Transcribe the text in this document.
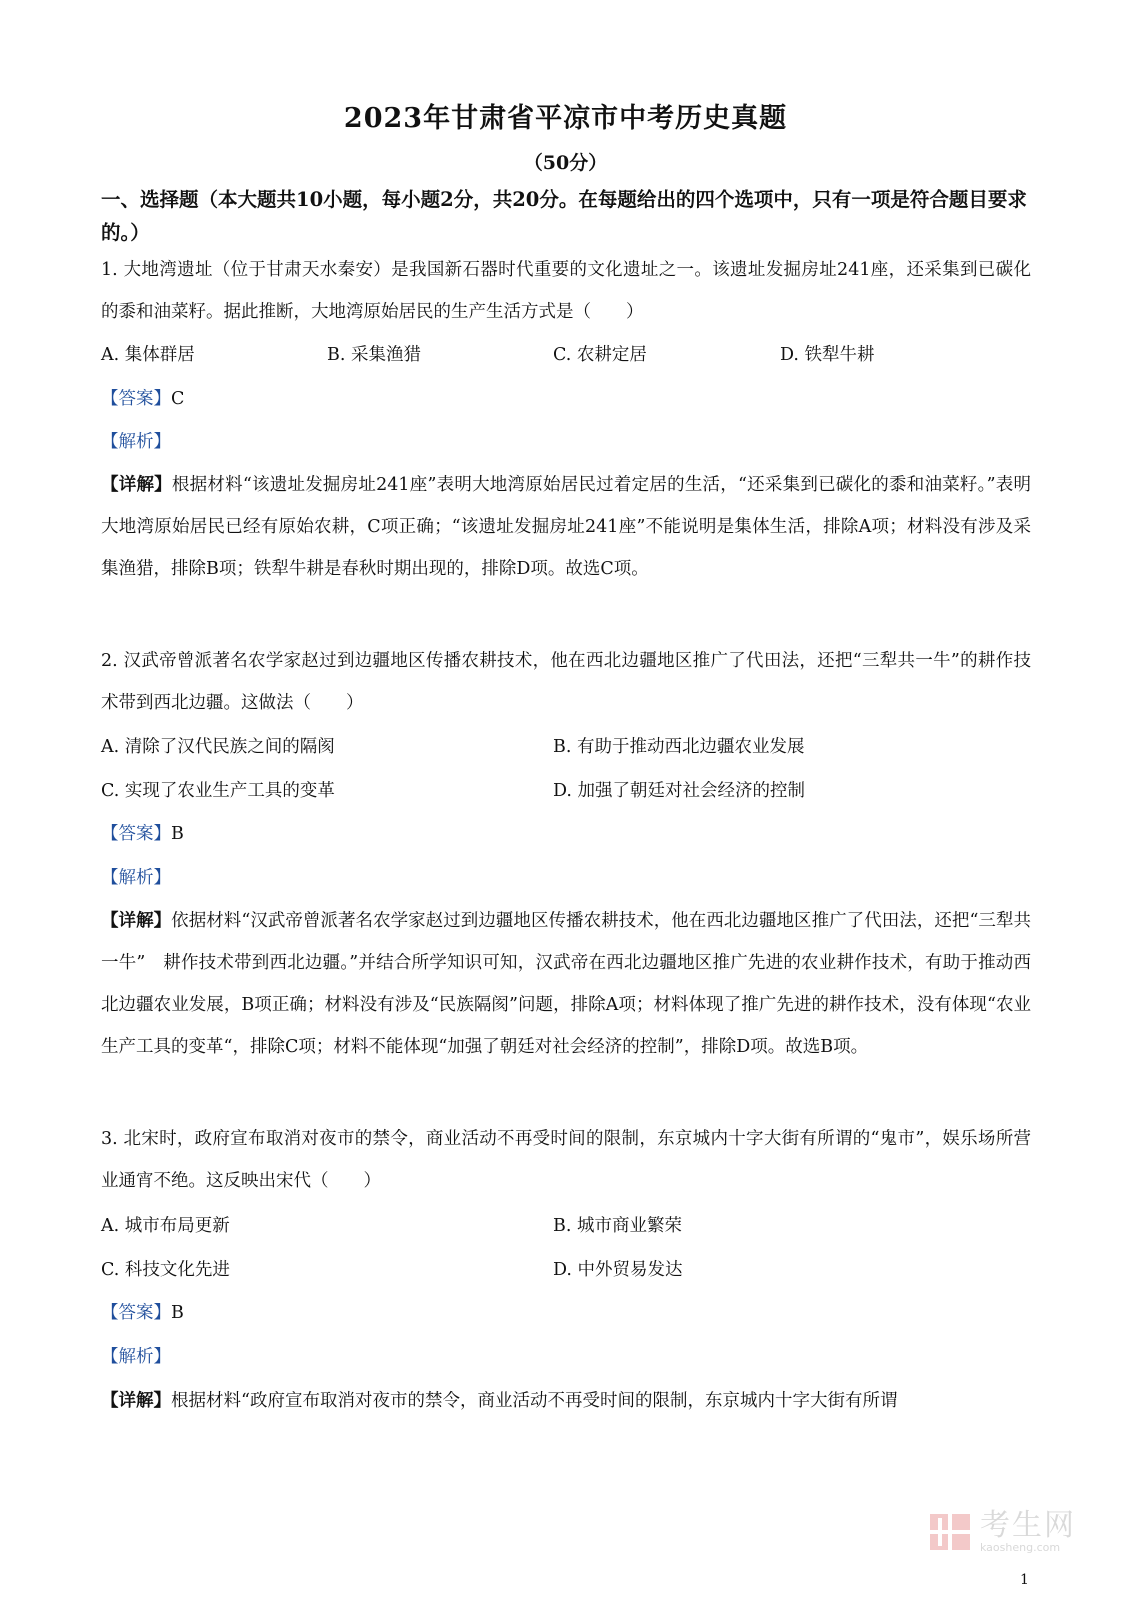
2023年甘肃省平凉市中考历史真题
（50分）
一、选择题（本大题共10小题，每小题2分，共20分。在每题给出的四个选项中，只有一项是符合题目要求的。）
1. 大地湾遗址（位于甘肃天水秦安）是我国新石器时代重要的文化遗址之一。该遗址发掘房址241座，还采集到已碳化的黍和油菜籽。据此推断，大地湾原始居民的生产生活方式是（　　）
A. 集体群居	B. 采集渔猎	C. 农耕定居	D. 铁犁牛耕
【答案】C
【解析】
【详解】根据材料“该遗址发掘房址241座”表明大地湾原始居民过着定居的生活，“还采集到已碳化的黍和油菜籽。”表明大地湾原始居民已经有原始农耕，C项正确；“该遗址发掘房址241座”不能说明是集体生活，排除A项；材料没有涉及采集渔猎，排除B项；铁犁牛耕是春秋时期出现的，排除D项。故选C项。
2. 汉武帝曾派著名农学家赵过到边疆地区传播农耕技术，他在西北边疆地区推广了代田法，还把“三犁共一牛”的耕作技术带到西北边疆。这做法（　　）
A. 清除了汉代民族之间的隔阂	B. 有助于推动西北边疆农业发展
C. 实现了农业生产工具的变革	D. 加强了朝廷对社会经济的控制
【答案】B
【解析】
【详解】依据材料“汉武帝曾派著名农学家赵过到边疆地区传播农耕技术，他在西北边疆地区推广了代田法，还把“三犁共一牛”　耕作技术带到西北边疆。”并结合所学知识可知，汉武帝在西北边疆地区推广先进的农业耕作技术，有助于推动西北边疆农业发展，B项正确；材料没有涉及“民族隔阂”问题，排除A项；材料体现了推广先进的耕作技术，没有体现“农业生产工具的变革“，排除C项；材料不能体现“加强了朝廷对社会经济的控制”，排除D项。故选B项。
3. 北宋时，政府宣布取消对夜市的禁令，商业活动不再受时间的限制，东京城内十字大街有所谓的“鬼市”，娱乐场所营业通宵不绝。这反映出宋代（　　）
A. 城市布局更新	B. 城市商业繁荣
C. 科技文化先进	D. 中外贸易发达
【答案】B
【解析】
【详解】根据材料“政府宣布取消对夜市的禁令，商业活动不再受时间的限制，东京城内十字大街有所谓
考生网
kaosheng.com
1
